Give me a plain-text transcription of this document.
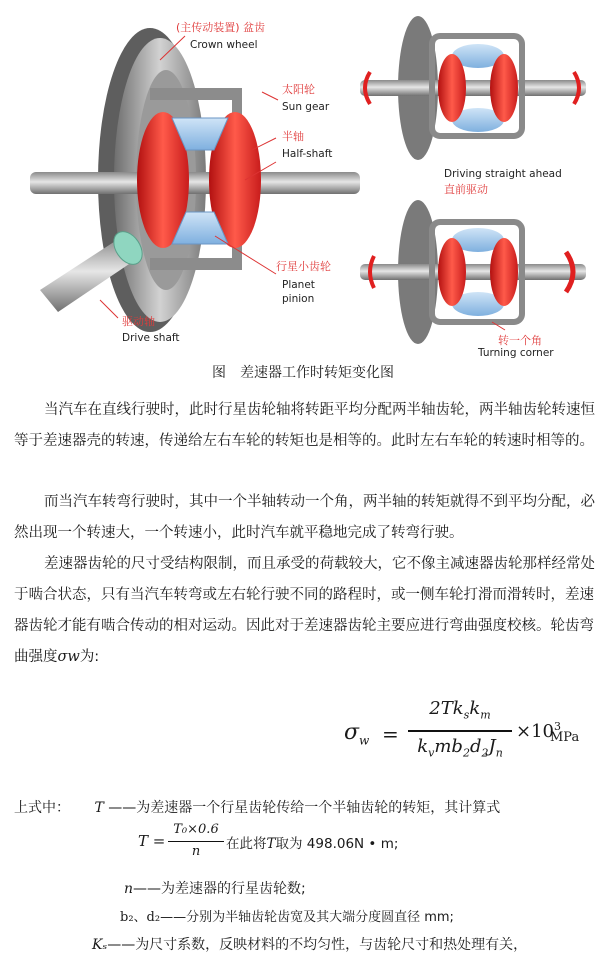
(主传动装置) 盆齿
Crown wheel
太阳轮
Sun gear
半轴
Half-shaft
行星小齿轮
Planet
pinion
驱动轴
Drive shaft
Driving straight ahead
直前驱动
转一个角
Turning corner
图　差速器工作时转矩变化图

当汽车在直线行驶时，此时行星齿轮轴将转距平均分配两半轴齿轮，两半轴齿轮转速恒等于差速器壳的转速，传递给左右车轮的转矩也是相等的。此时左右车轮的转速时相等的。

而当汽车转弯行驶时，其中一个半轴转动一个角，两半轴的转矩就得不到平均分配，必然出现一个转速大，一个转速小，此时汽车就平稳地完成了转弯行驶。

差速器齿轮的尺寸受结构限制，而且承受的荷载较大，它不像主减速器齿轮那样经常处于啮合状态，只有当汽车转弯或左右轮行驶不同的路程时，或一侧车轮打滑而滑转时，差速器齿轮才能有啮合传动的相对运动。因此对于差速器齿轮主要应进行弯曲强度校核。轮齿弯曲强度σw为:

$\sigma_w$ =
$2Tk_sk_m$
$k_vmb_2d_2J_n$
$\times 10^3$
MPa
上式中： T ——为差速器一个行星齿轮传给一个半轴齿轮的转矩，其计算式
T =
T₀×0.6
n	在此将T取为 498.06N • m;
n——为差速器的行星齿轮数;
b₂、d₂——分别为半轴齿轮齿宽及其大端分度圆直径 mm;
Kₛ——为尺寸系数，反映材料的不均匀性，与齿轮尺寸和热处理有关，
